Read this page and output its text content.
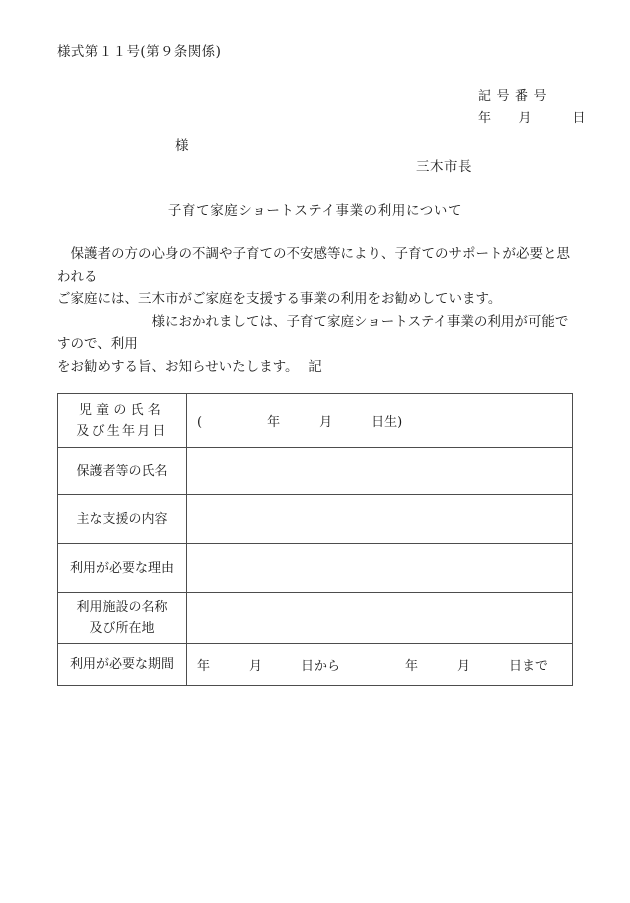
様式第１１号(第９条関係)
記号番号
年　　月　　　日
様
三木市長
子育て家庭ショートステイ事業の利用について

　保護者の方の心身の不調や子育ての不安感等により、子育てのサポートが必要と思われる

ご家庭には、三木市がご家庭を支援する事業の利用をお勧めしています。

　　　　　　　様におかれましては、子育て家庭ショートステイ事業の利用が可能ですので、利用

をお勧めする旨、お知らせいたします。 記
児童の氏名
及び生年月日	(　　　　　年　　　月　　　日生)

保護者等の氏名	

主な支援の内容	

利用が必要な理由	

利用施設の名称
及び所在地	

利用が必要な期間	年　　　月　　　日から　　　　　年　　　月　　　日まで
